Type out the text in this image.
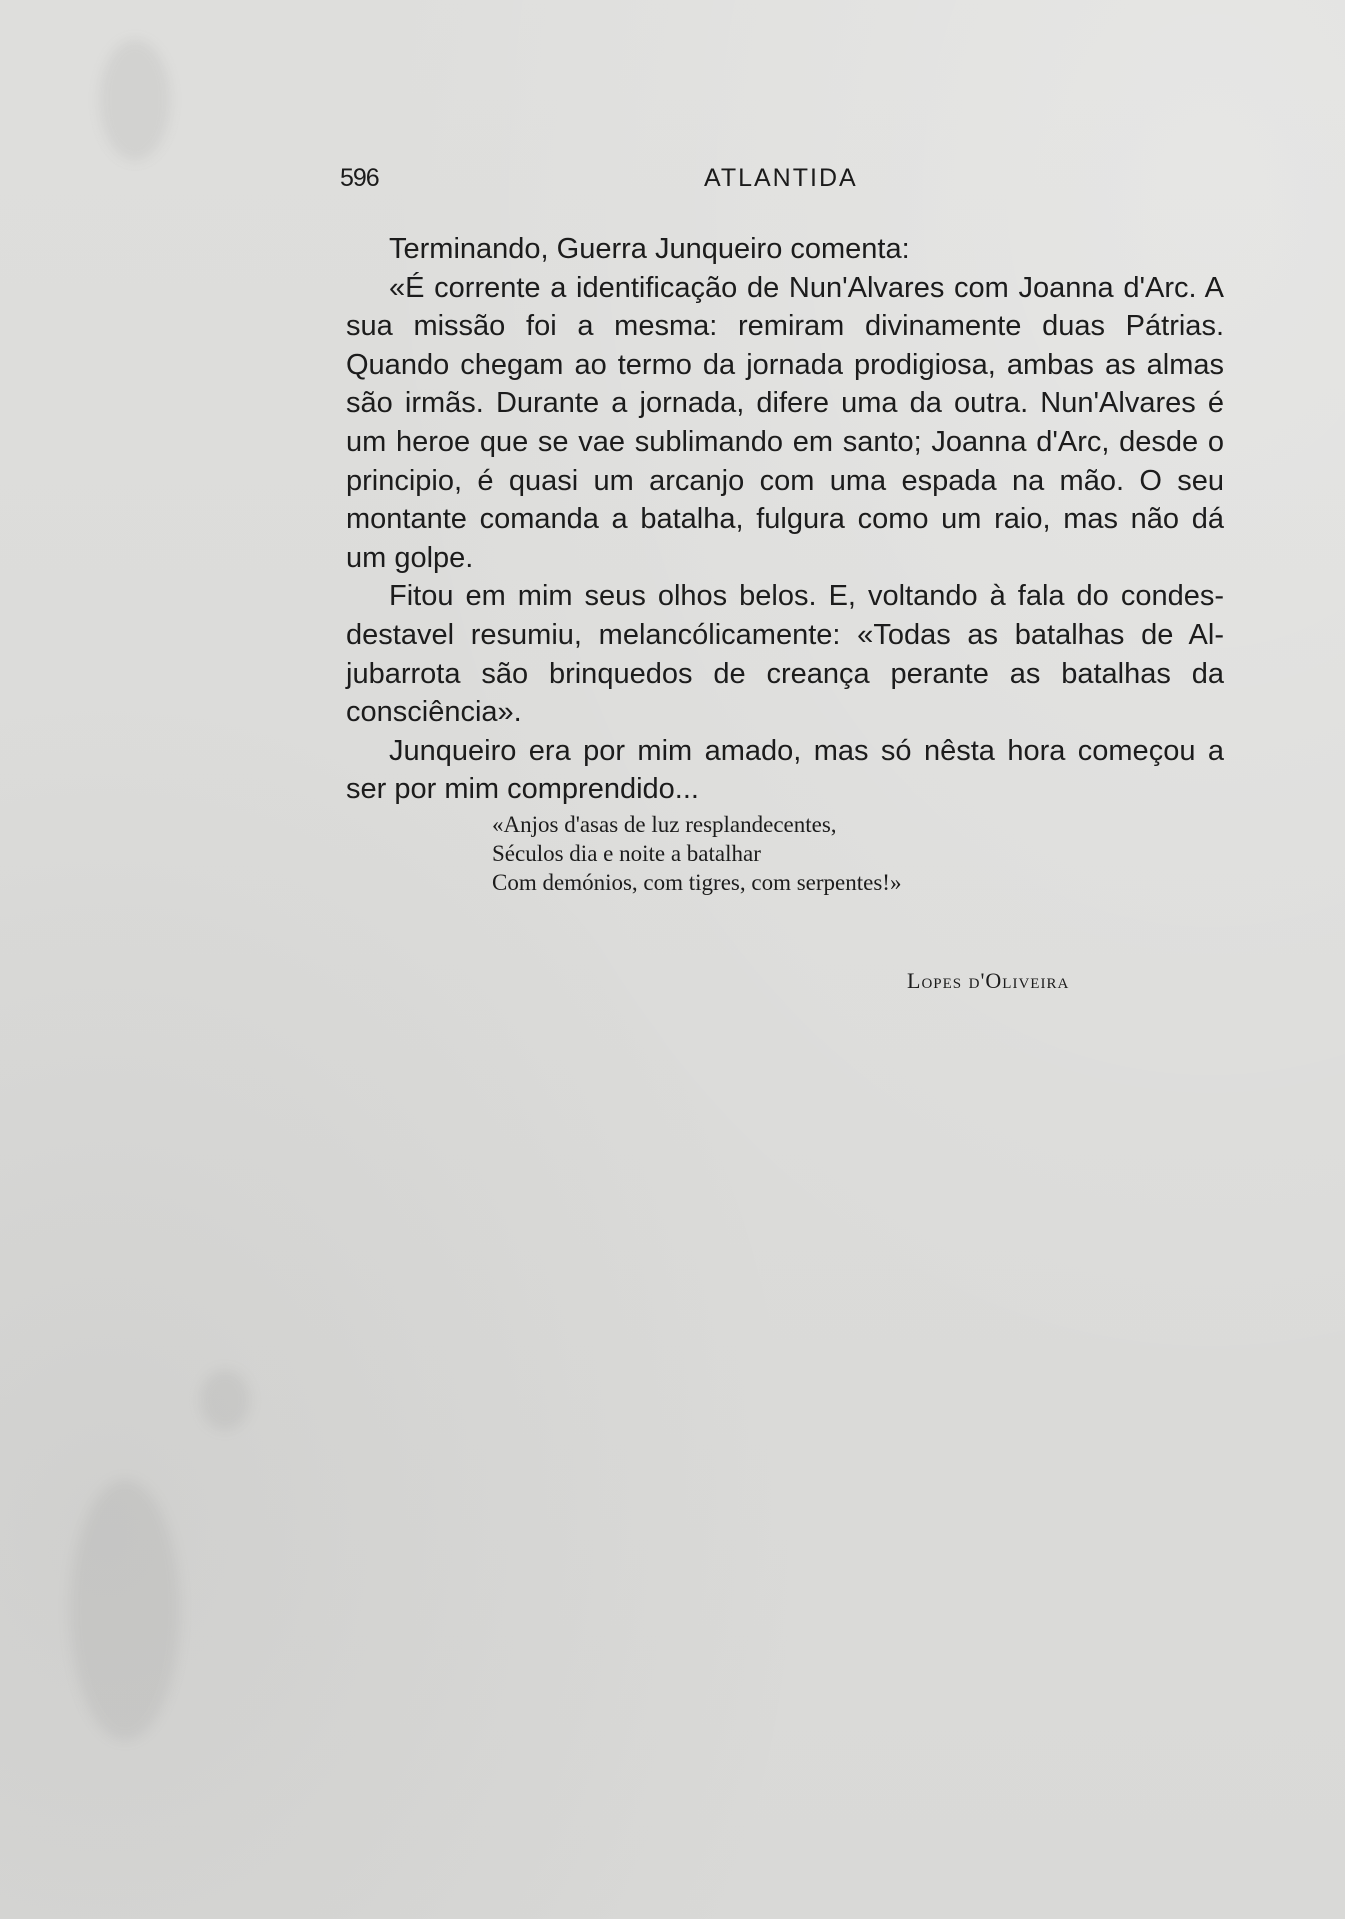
596	ATLANTIDA

Terminando, Guerra Junqueiro comenta:

«É corrente a identificação de Nun'Alvares com Joanna d'Arc. A sua missão foi a mesma: remiram divinamente duas Pátrias. Quando chegam ao termo da jornada prodigiosa, ambas as almas são irmãs. Durante a jornada, difere uma da outra. Nun'Alvares é um heroe que se vae sublimando em santo; Joanna d'Arc, desde o principio, é quasi um arcanjo com uma espada na mão. O seu montante comanda a batalha, fulgura como um raio, mas não dá um golpe.

Fitou em mim seus olhos belos. E, voltando à fala do condes-destavel resumiu, melancólicamente: «Todas as batalhas de Al-jubarrota são brinquedos de creança perante as batalhas da consciência».

Junqueiro era por mim amado, mas só nêsta hora começou a ser por mim comprendido...

«Anjos d'asas de luz resplandecentes,
Séculos dia e noite a batalhar
Com demónios, com tigres, com serpentes!»
Lopes d'Oliveira
